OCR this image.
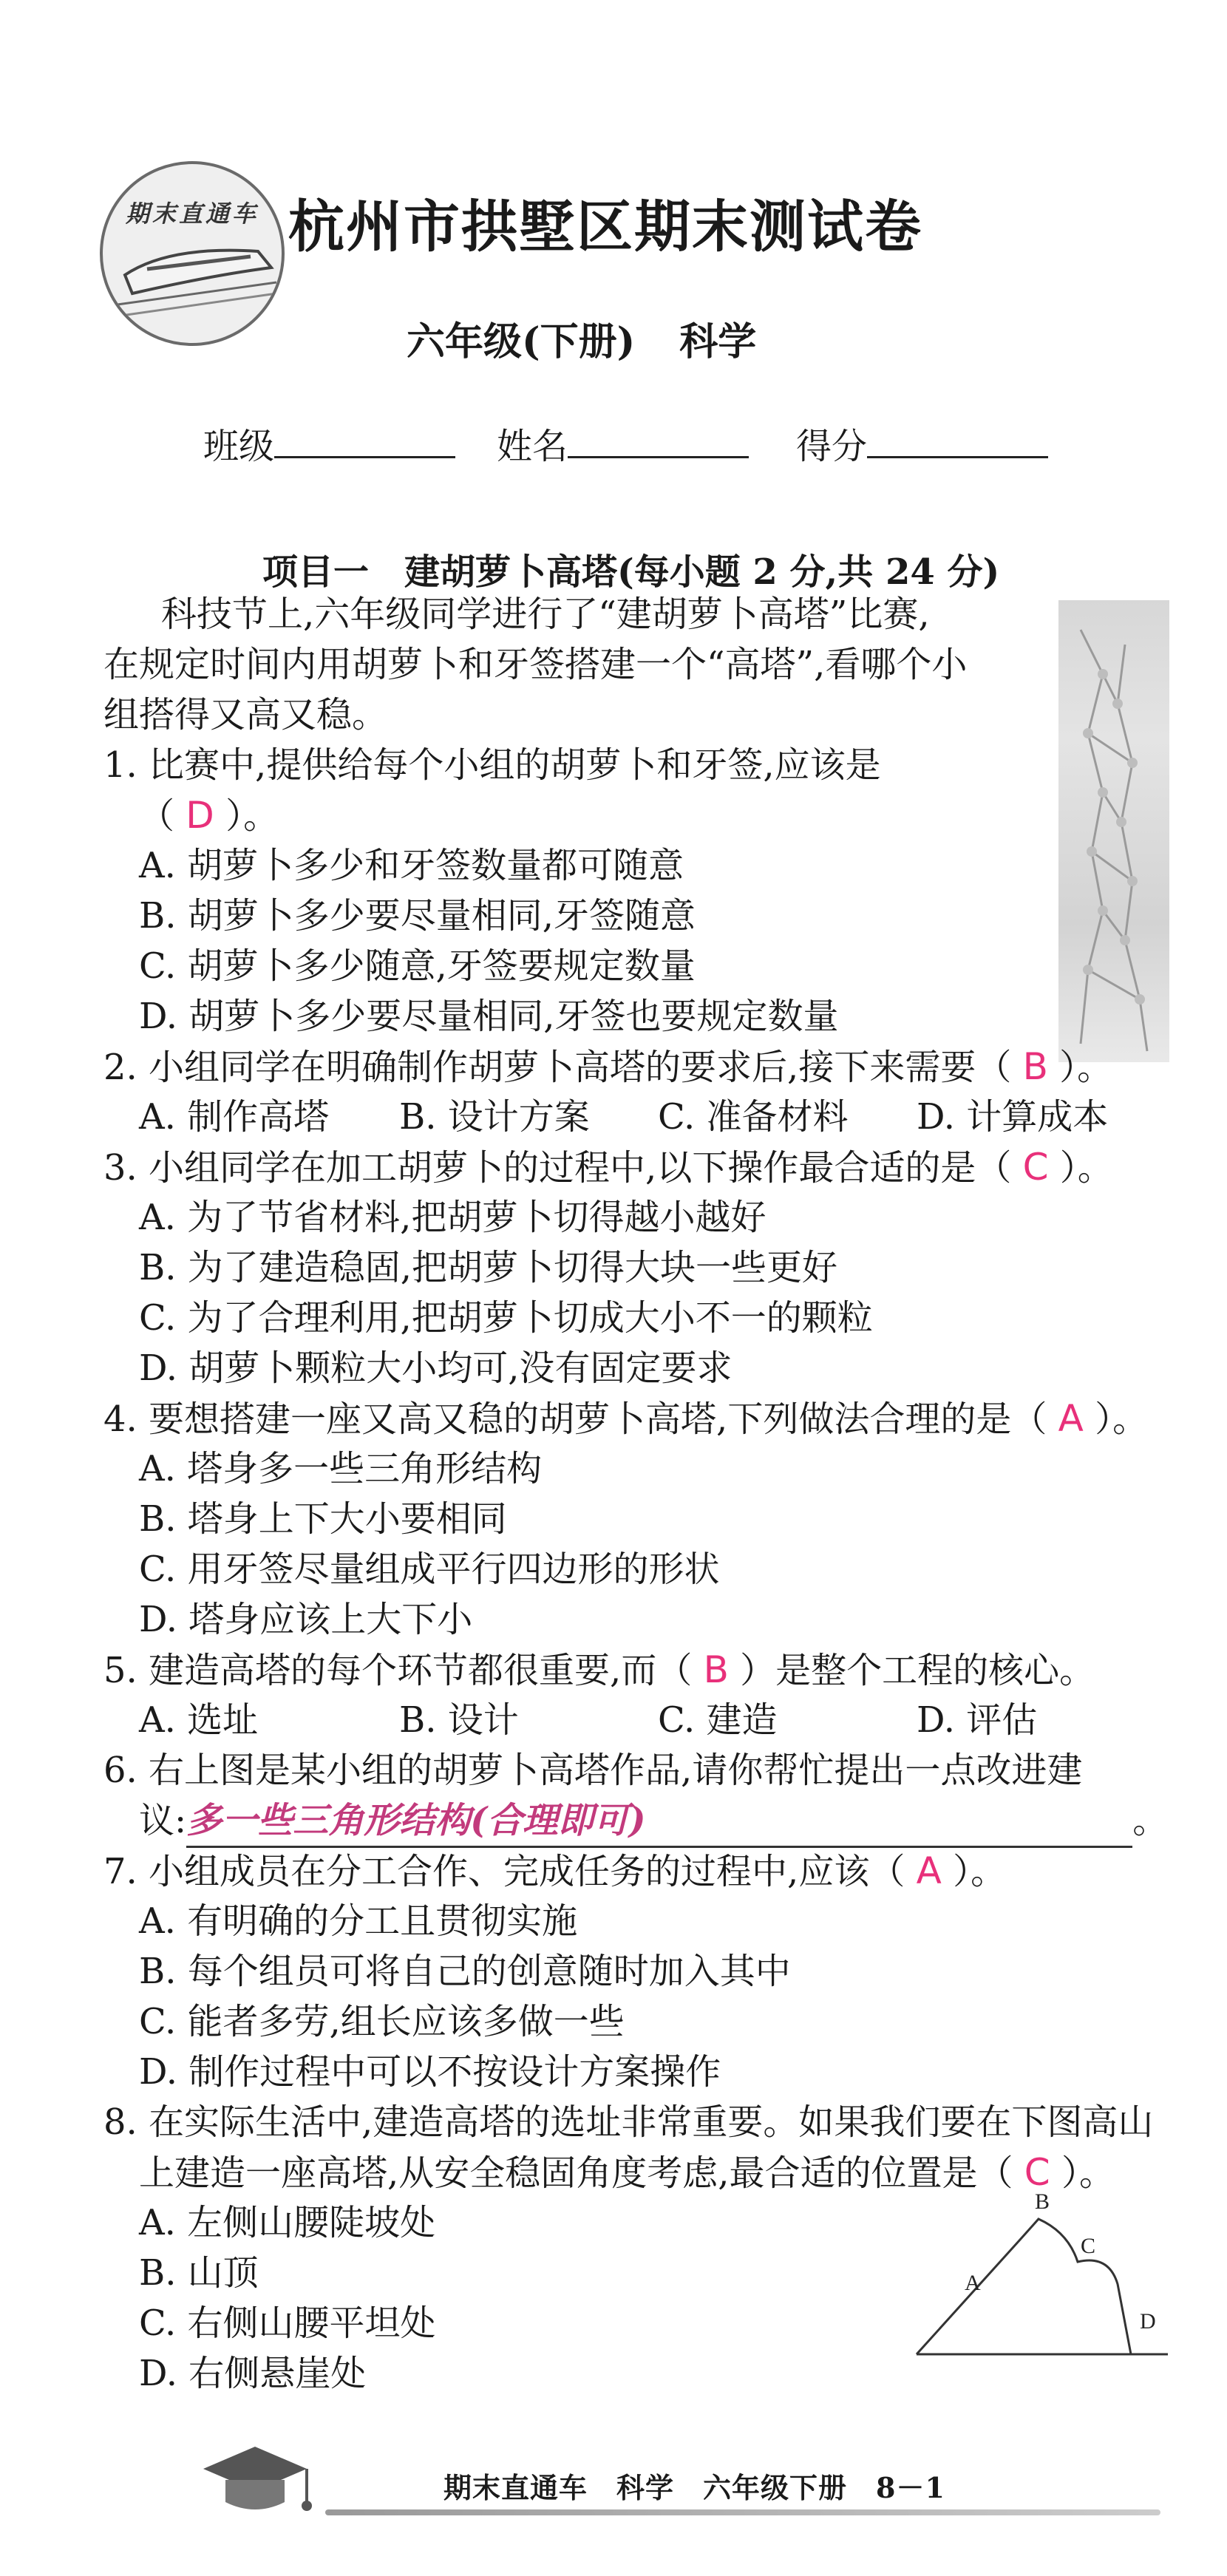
期末直通车 杭州市拱墅区期末测试卷
六年级(下册) 科学
班级	姓名	得分
项目一　建胡萝卜高塔(每小题 2 分,共 24 分)
科技节上,六年级同学进行了“建胡萝卜高塔”比赛,
在规定时间内用胡萝卜和牙签搭建一个“高塔”,看哪个小
组搭得又高又稳。
1. 比赛中,提供给每个小组的胡萝卜和牙签,应该是
（ D ）。
A. 胡萝卜多少和牙签数量都可随意
B. 胡萝卜多少要尽量相同,牙签随意
C. 胡萝卜多少随意,牙签要规定数量
D. 胡萝卜多少要尽量相同,牙签也要规定数量
2. 小组同学在明确制作胡萝卜高塔的要求后,接下来需要（ B ）。
A. 制作高塔 B. 设计方案 C. 准备材料 D. 计算成本
3. 小组同学在加工胡萝卜的过程中,以下操作最合适的是（ C ）。
A. 为了节省材料,把胡萝卜切得越小越好
B. 为了建造稳固,把胡萝卜切得大块一些更好
C. 为了合理利用,把胡萝卜切成大小不一的颗粒
D. 胡萝卜颗粒大小均可,没有固定要求
4. 要想搭建一座又高又稳的胡萝卜高塔,下列做法合理的是（ A ）。
A. 塔身多一些三角形结构
B. 塔身上下大小要相同
C. 用牙签尽量组成平行四边形的形状
D. 塔身应该上大下小
5. 建造高塔的每个环节都很重要,而（ B ）是整个工程的核心。
A. 选址	B. 设计	C. 建造	D. 评估
6. 右上图是某小组的胡萝卜高塔作品,请你帮忙提出一点改进建
议:多一些三角形结构(合理即可)	。
7. 小组成员在分工合作、完成任务的过程中,应该（ A ）。
A. 有明确的分工且贯彻实施
B. 每个组员可将自己的创意随时加入其中
C. 能者多劳,组长应该多做一些
D. 制作过程中可以不按设计方案操作
8. 在实际生活中,建造高塔的选址非常重要。如果我们要在下图高山
上建造一座高塔,从安全稳固角度考虑,最合适的位置是（ C ）。
A. 左侧山腰陡坡处
B. 山顶
C. 右侧山腰平坦处
D. 右侧悬崖处
A
B
C
D
期末直通车　科学　六年级下册　8－1
